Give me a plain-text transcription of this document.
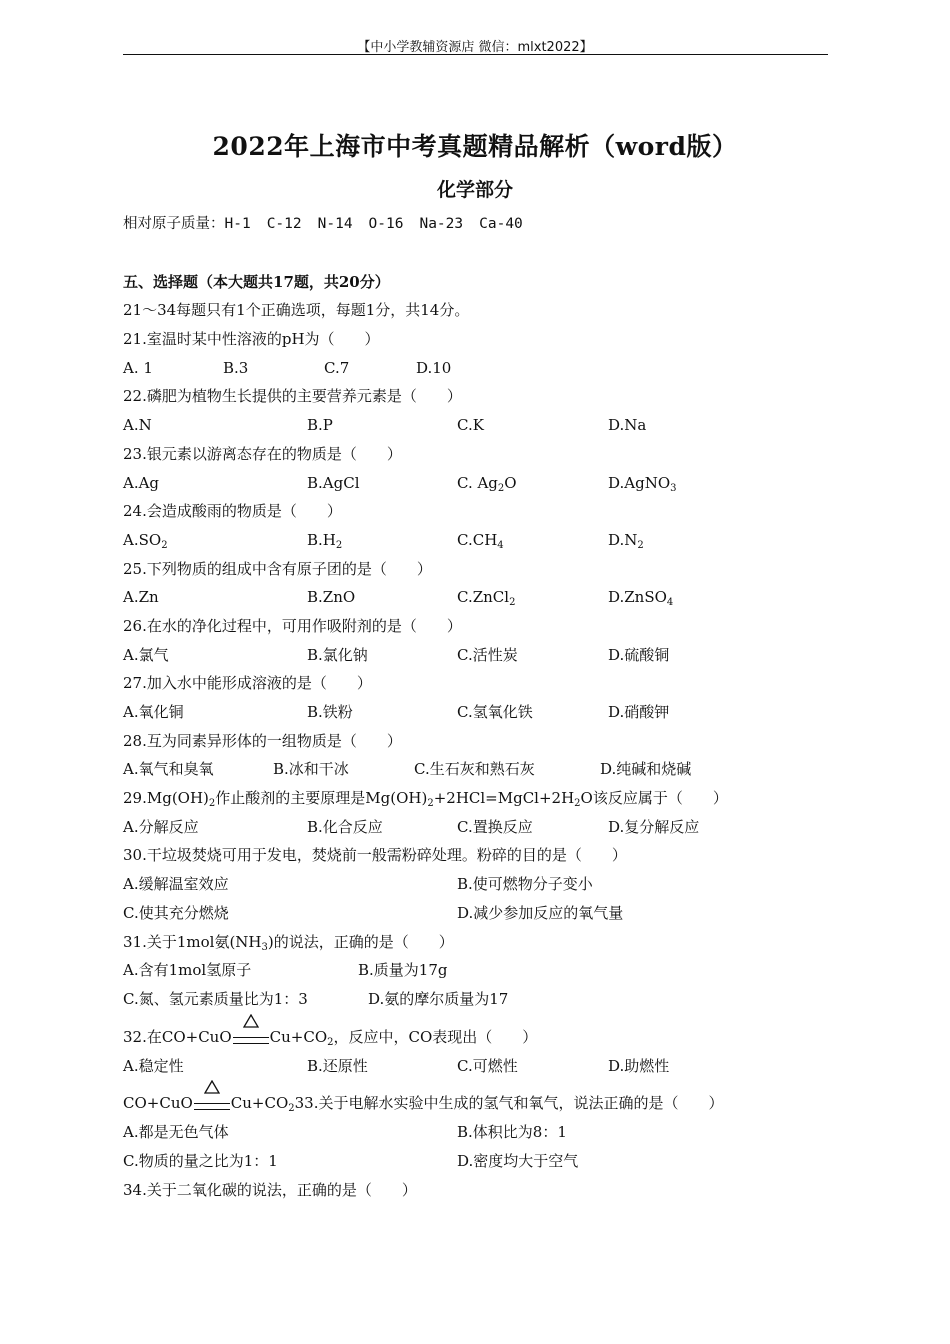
【中小学教辅资源店 微信：mlxt2022】
2022年上海市中考真题精品解析（word版）
化学部分
相对原子质量：H-1 C-12 N-14 O-16 Na-23 Ca-40
五、选择题（本大题共17题，共20分）
21～34每题只有1个正确选项，每题1分，共14分。
21.室温时某中性溶液的pH为（　　）
A. 1	B.3	C.7	D.10
22.磷肥为植物生长提供的主要营养元素是（　　）
A.N	B.P	C.K	D.Na
23.银元素以游离态存在的物质是（　　）
A.Ag	B.AgCl	C. $Ag_2O$	D.AgNO$_3$
24.会造成酸雨的物质是（　　）
$A.SO_2$	$B.H_2$	$C.CH_4$	$D.N_2$
25.下列物质的组成中含有原子团的是（　　）
A.Zn	B.ZnO	C.ZnCl$_2$	D.ZnSO$_4$
26.在水的净化过程中，可用作吸附剂的是（　　）
A.氯气	B.氯化钠	C.活性炭	D.硫酸铜
27.加入水中能形成溶液的是（　　）
A.氧化铜	B.铁粉	C.氢氧化铁	D.硝酸钾
28.互为同素异形体的一组物质是（　　）
A.氧气和臭氧	B.冰和干冰	C.生石灰和熟石灰	D.纯碱和烧碱
$29.Mg(OH)_2$作止酸剂的主要原理是$Mg(OH)_2+2HCl=MgCl+2H_2O$该反应属于（　　）
A.分解反应	B.化合反应	C.置换反应	D.复分解反应
30.干垃圾焚烧可用于发电，焚烧前一般需粉碎处理。粉碎的目的是（　　）
A.缓解温室效应	B.使可燃物分子变小
C.使其充分燃烧	D.减少参加反应的氧气量
31.关于1mol氨$(NH_3)$的说法，正确的是（　　）
A.含有1mol氢原子	B.质量为17g
C.氮、氢元素质量比为1：3	D.氨的摩尔质量为17
32.在CO+CuO	$Cu+CO_2$，反应中，CO表现出（　　）
A.稳定性	B.还原性	C.可燃性	D.助燃性
CO+CuO	$Cu+CO_233$.关于电解水实验中生成的氢气和氧气，说法正确的是（　　）
A.都是无色气体	B.体积比为8：1
C.物质的量之比为1：1	D.密度均大于空气
34.关于二氧化碳的说法，正确的是（　　）
